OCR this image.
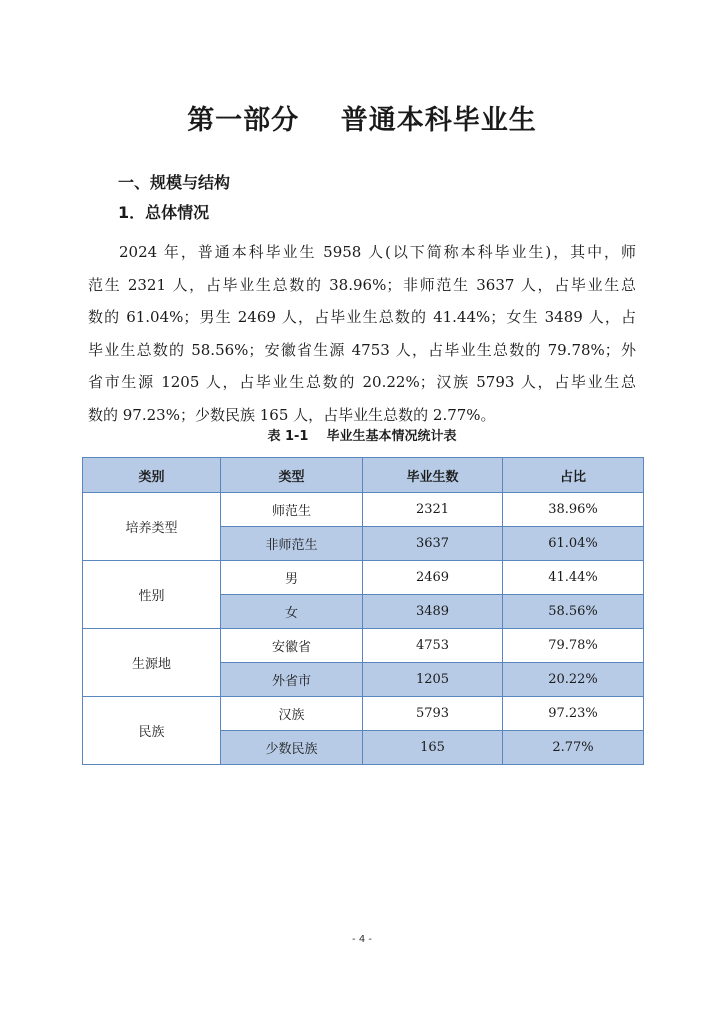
第一部分    普通本科毕业生
一、规模与结构
1．总体情况
2024 年，普通本科毕业生 5958 人(以下简称本科毕业生)，其中，师
范生 2321 人，占毕业生总数的 38.96%；非师范生 3637 人，占毕业生总
数的 61.04%；男生 2469 人，占毕业生总数的 41.44%；女生 3489 人，占
毕业生总数的 58.56%；安徽省生源 4753 人，占毕业生总数的 79.78%；外
省市生源 1205 人，占毕业生总数的 20.22%；汉族 5793 人，占毕业生总
数的 97.23%；少数民族 165 人，占毕业生总数的 2.77%。
表 1-1    毕业生基本情况统计表
类别	类型	毕业生数	占比
培养类型	师范生	2321	38.96%
	非师范生	3637	61.04%
性别	男	2469	41.44%
	女	3489	58.56%
生源地	安徽省	4753	79.78%
	外省市	1205	20.22%
民族	汉族	5793	97.23%
	少数民族	165	2.77%
- 4 -
